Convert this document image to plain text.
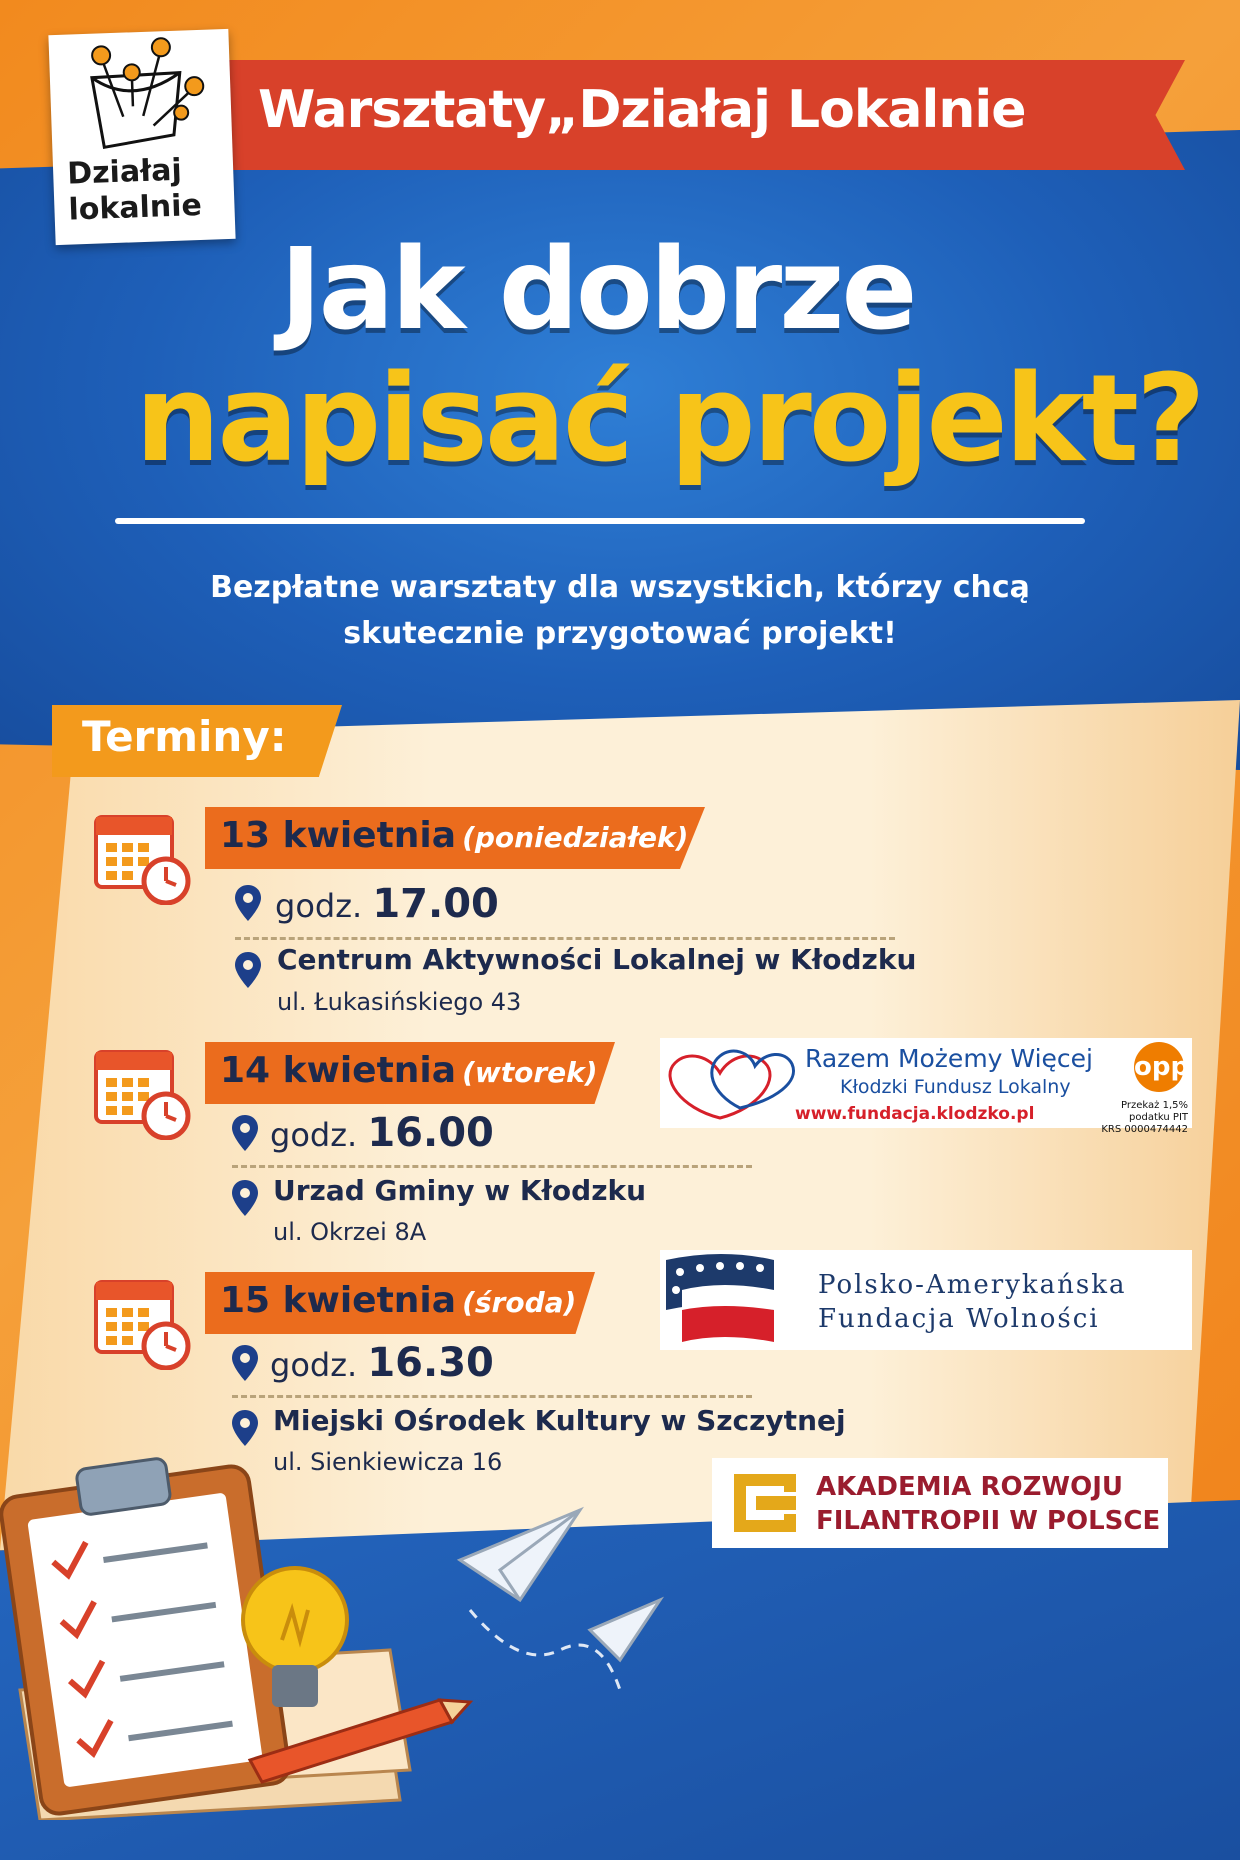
Warsztaty„Działaj Lokalnie
Działaj
lokalnie
Jak dobrze
napisać projekt?
Bezpłatne warsztaty dla wszystkich, którzy chcą
skutecznie przygotować projekt!
Terminy:
13 kwietnia (poniedziałek)
godz. 17.00
Centrum Aktywności Lokalnej w Kłodzku
ul. Łukasińskiego 43
14 kwietnia (wtorek)
godz. 16.00
Urzad Gminy w Kłodzku
ul. Okrzei 8A
15 kwietnia (środa)
godz. 16.30
Miejski Ośrodek Kultury w Szczytnej
ul. Sienkiewicza 16
Razem Możemy Więcej
Kłodzki Fundusz Lokalny
www.fundacja.klodzko.pl
opp
Przekaż 1,5% podatku PIT
KRS 0000474442
Polsko-Amerykańska
Fundacja Wolności
AKADEMIA ROZWOJU
FILANTROPII W POLSCE
